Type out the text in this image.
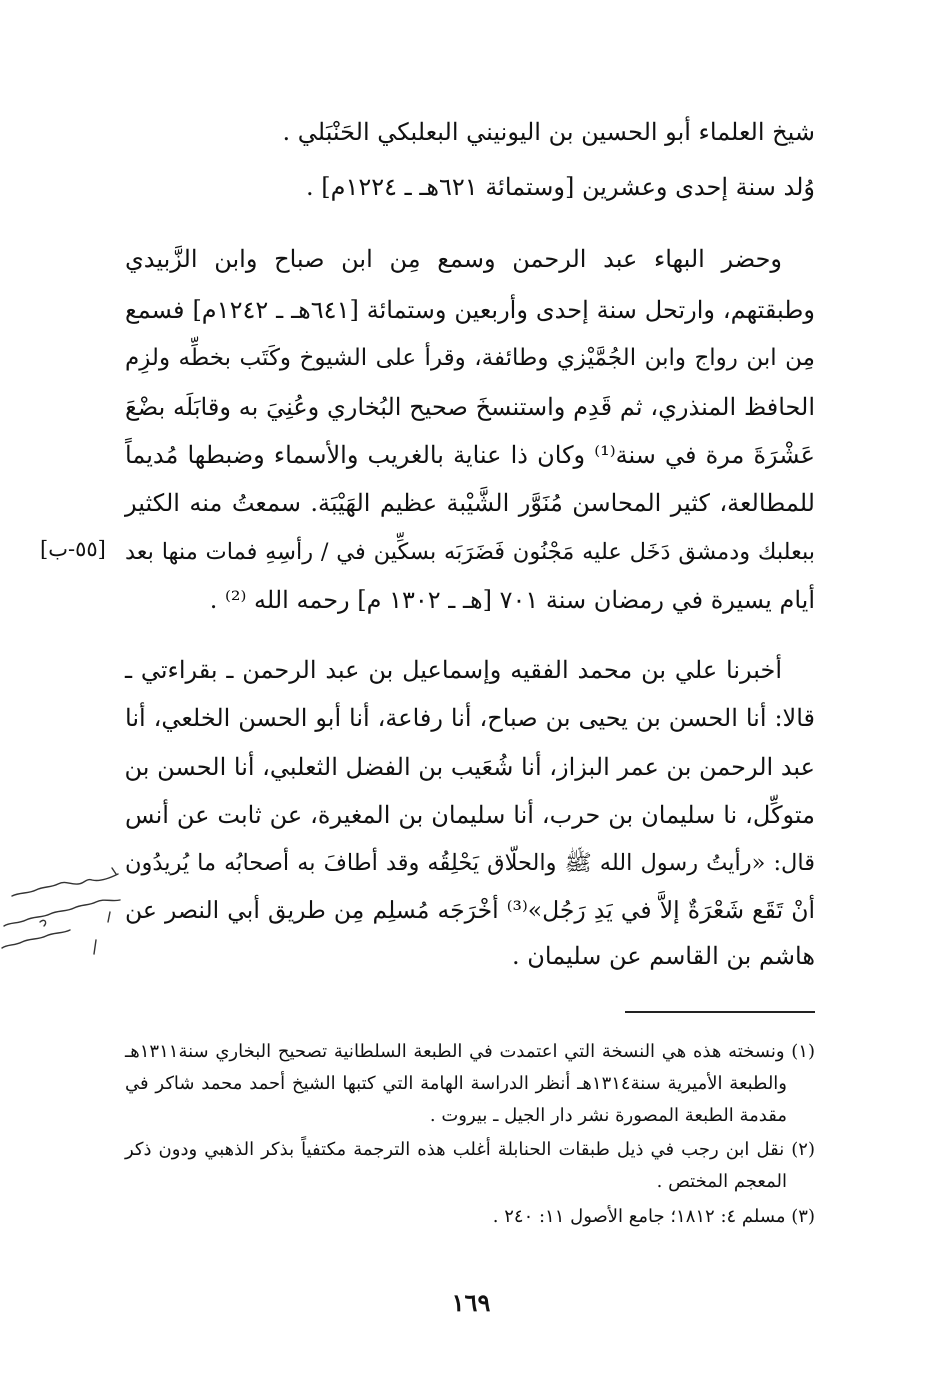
شيخ العلماء أبو الحسين بن اليونيني البعلبكي الحَنْبَلي .
وُلد سنة إحدى وعشرين [وستمائة ٦٢١هـ ـ ١٢٢٤م] .
وحضر البهاء عبد الرحمن وسمع مِن ابن صباح وابن الزَّبيدي
وطبقتهم، وارتحل سنة إحدى وأربعين وستمائة [٦٤١هـ ـ ١٢٤٢م] فسمع
مِن ابن رواج وابن الجُمَّيْزي وطائفة، وقرأ على الشيوخ وكَتَب بخطِّه ولزِم
الحافظ المنذري، ثم قَدِم واستنسخَ صحيح البُخاري وعُنِيَ به وقابَلَه بضْعَ
عَشْرَةَ مرة في سنة⁽¹⁾ وكان ذا عناية بالغريب والأسماء وضبطها مُديماً
للمطالعة، كثير المحاسن مُنَوَّر الشَّيْبة عظيم الهَيْبَة. سمعتُ منه الكثير
ببعلبك ودمشق دَخَل عليه مَجْنُون فَضَرَبَه بسكِّين في / رأسِهِ فمات منها بعد
أيام يسيرة في رمضان سنة ٧٠١ [هـ ـ ١٣٠٢ م] رحمه الله ⁽²⁾ .
[٥٥-ب]
أخبرنا علي بن محمد الفقيه وإسماعيل بن عبد الرحمن ـ بقراءتي ـ
قالا: أنا الحسن بن يحيى بن صباح، أنا رفاعة، أنا أبو الحسن الخلعي، أنا
عبد الرحمن بن عمر البزاز، أنا شُعَيب بن الفضل الثعلبي، أنا الحسن بن
متوكِّل، نا سليمان بن حرب، أنا سليمان بن المغيرة، عن ثابت عن أنس
قال: «رأيتُ رسول الله ﷺ والحلّاق يَحْلِقُه وقد أطافَ به أصحابُه ما يُريدُون
أنْ تَقَع شَعْرَةٌ إلاَّ في يَدِ رَجُل»⁽³⁾ أخْرَجَه مُسلِم مِن طريق أبي النصر عن
هاشم بن القاسم عن سليمان .
(١) ونسخته هذه هي النسخة التي اعتمدت في الطبعة السلطانية تصحيح البخاري سنة١٣١١هـ
والطبعة الأميرية سنة١٣١٤هـ أنظر الدراسة الهامة التي كتبها الشيخ أحمد محمد شاكر في
مقدمة الطبعة المصورة نشر دار الجيل ـ بيروت .
(٢) نقل ابن رجب في ذيل طبقات الحنابلة أغلب هذه الترجمة مكتفياً بذكر الذهبي ودون ذكر
المعجم المختص .
(٣) مسلم ٤: ١٨١٢؛ جامع الأصول ١١: ٢٤٠ .
١٦٩
